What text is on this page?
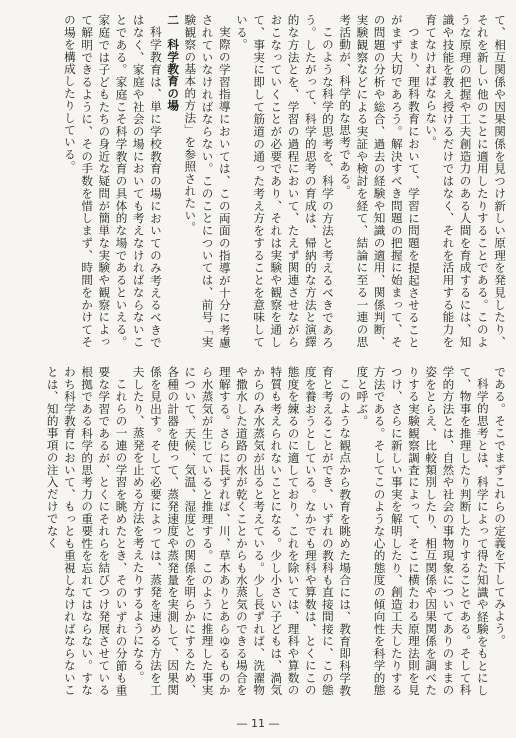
て、相互関係や因果関係を見つけ新しい原理を発見したり、それを新しい他のことに適用したりすることである。このような原理の把握や工夫創造力のある人間を育成するには、知識や技能を教え授けるだけではなく、それを活用する能力を育てなければならない。

つまり、理科教育において、学習に問題を提起させることがまず大切であろう。解決すべき問題の把握に始まって、その問題の分析や総合、過去の経験や知識の適用、関係判断、実験観察などによる実証や検討を経て、結論に至る一連の思考活動が、科学的な思考である。

このような科学的思考を、科学の方法と考えるべきであろう。したがって、科学的思考の育成は、帰納的な方法と演繹的な方法とを、学習の過程において、たえず関連させながらおこなっていくことが必要であり、それは実験や観察を通して、事実に即して筋道の通った考え方をすることを意味している。

実際の学習指導においては、この両面の指導が十分に考慮されていなければならない。このことについては、前号「実験観察の基本的方法」を参照されたい。

二　科学教育の場

科学教育は、単に学校教育の場においてのみ考えるべきではなく、家庭や社会の場においても考えなければならないことである。家庭こそ科学教育の具体的な場であるといえる。家庭では子どもたちの身近な疑問が簡単な実験や観察によって解明できるように、その手数を惜しまず、時間をかけてその場を構成したりしている。

である。そこでまずこれらの定義を下してみよう。

科学的思考とは、科学によって得た知識や経験をもとにして、物事を推理したり判断したりすることである。そして科学的方法とは、自然や社会の事物現象についてありのままの姿をとらえ、比較類別したり、相互関係や因果関係を調べたりする実験観察調査によって、そこに横たわる原理法則を見つけ、さらに新しい事実を解明したり、創造工夫したりする方法である。そしてこのような心的態度の傾向性を科学的態度と呼ぶ。

このような観点から教育を眺めた場合には、教育即科学教育と考えることができ、いずれの教科も直接間接に、この態度を養おうとしている。なかでも理科や算数は、とくにこの態度を練るのに適しており、これを除いては、理科や算数の特質も考えられないことになる。少し小さい子どもは、渦気からのみ水蒸気が出ると考えている。少し長ずれば、洗濯物や撒水した道路の水が乾くことからも水蒸気のできる場合を理解する。さらに長ずれば、川、草木ありとあらゆるものから水蒸気が生じていると推理する。このように推理した事実について、天候、気温、湿度との関係を明らかにするため、各種の計器を使って、蒸発速度や蒸発量を実測して、因果関係を見出す。そして必要によっては、蒸発を速める方法を工夫したり、蒸発を止める方法を考えたりするようになる。

これらの一連の学習を眺めたとき、そのいずれの分節も重要な学習であるが、とくにそれらを結びつけ発展させている根拠である科学的思考力の重要性を忘れてはならない。すなわち科学教育において、もっとも重視しなければならないことは、知的事項の注入だけでなく

— 11 —
